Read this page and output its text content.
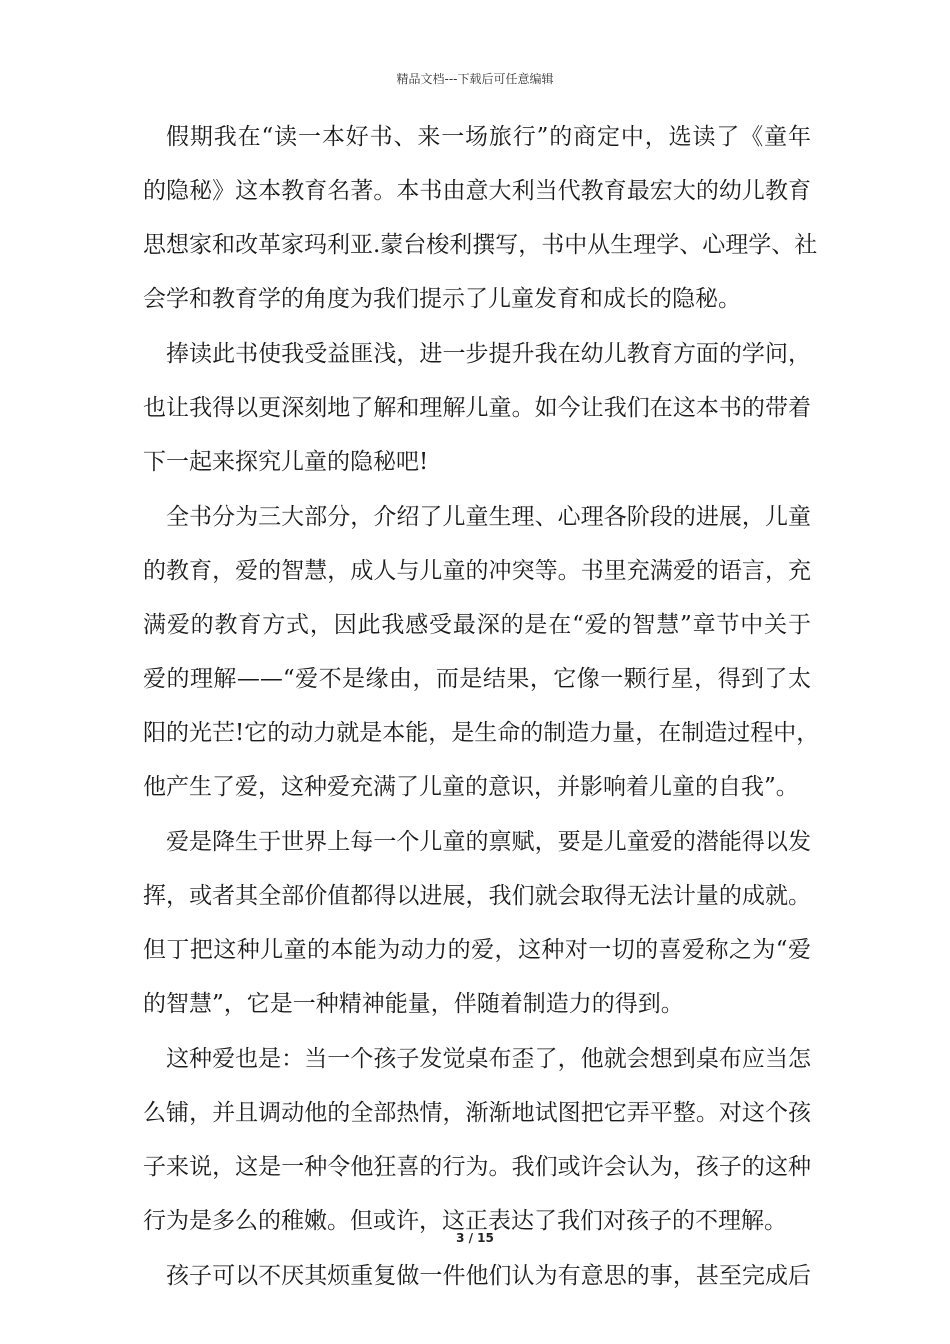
精品文档---下载后可任意编辑
假期我在“读一本好书、来一场旅行”的商定中，选读了《童年
的隐秘》这本教育名著。本书由意大利当代教育最宏大的幼儿教育
思想家和改革家玛利亚.蒙台梭利撰写，书中从生理学、心理学、社
会学和教育学的角度为我们提示了儿童发育和成长的隐秘。
捧读此书使我受益匪浅，进一步提升我在幼儿教育方面的学问，
也让我得以更深刻地了解和理解儿童。如今让我们在这本书的带着
下一起来探究儿童的隐秘吧!
全书分为三大部分，介绍了儿童生理、心理各阶段的进展，儿童
的教育，爱的智慧，成人与儿童的冲突等。书里充满爱的语言，充
满爱的教育方式，因此我感受最深的是在“爱的智慧”章节中关于
爱的理解——“爱不是缘由，而是结果，它像一颗行星，得到了太
阳的光芒!它的动力就是本能，是生命的制造力量，在制造过程中，
他产生了爱，这种爱充满了儿童的意识，并影响着儿童的自我”。
爱是降生于世界上每一个儿童的禀赋，要是儿童爱的潜能得以发
挥，或者其全部价值都得以进展，我们就会取得无法计量的成就。
但丁把这种儿童的本能为动力的爱，这种对一切的喜爱称之为“爱
的智慧”，它是一种精神能量，伴随着制造力的得到。
这种爱也是：当一个孩子发觉桌布歪了，他就会想到桌布应当怎
么铺，并且调动他的全部热情，渐渐地试图把它弄平整。对这个孩
子来说，这是一种令他狂喜的行为。我们或许会认为，孩子的这种
行为是多么的稚嫩。但或许，这正表达了我们对孩子的不理解。
孩子可以不厌其烦重复做一件他们认为有意思的事，甚至完成后
3 / 15
